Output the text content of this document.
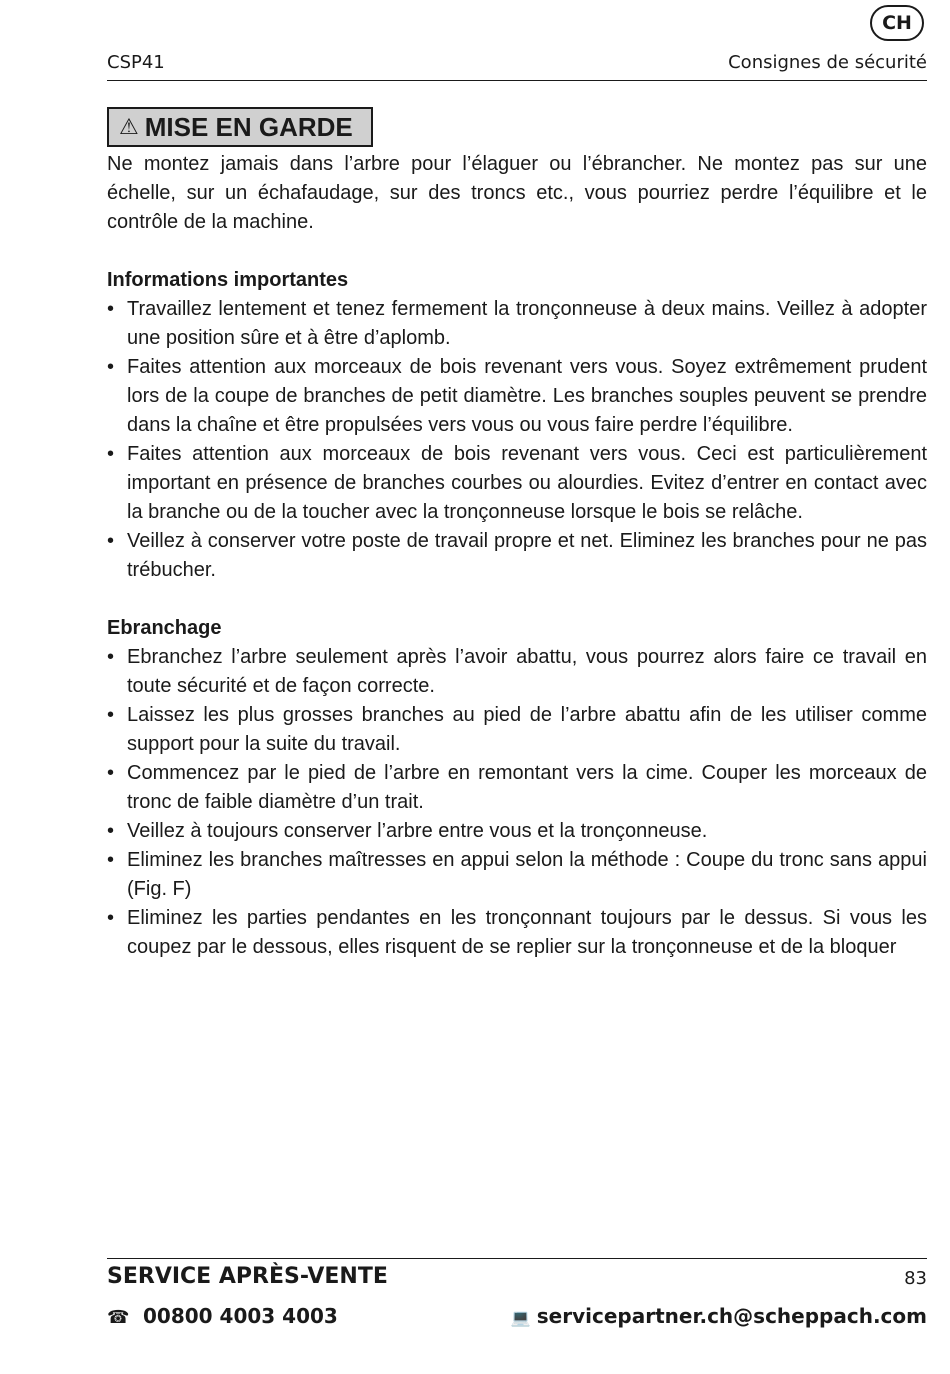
CH
CSP41	Consignes de sécurité
⚠ MISE EN GARDE

Ne montez jamais dans l’arbre pour l’élaguer ou l’ébrancher. Ne montez pas sur une échelle, sur un échafaudage, sur des troncs etc., vous pourriez perdre l’équilibre et le contrôle de la machine.

Informations importantes
• Travaillez lentement et tenez fermement la tronçonneuse à deux mains. Veillez à adopter une position sûre et à être d’aplomb.
• Faites attention aux morceaux de bois revenant vers vous. Soyez extrêmement prudent lors de la coupe de branches de petit diamètre. Les branches souples peuvent se prendre dans la chaîne et être propulsées vers vous ou vous faire perdre l’équilibre.
• Faites attention aux morceaux de bois revenant vers vous. Ceci est particulièrement important en présence de branches courbes ou alourdies. Evitez d’entrer en contact avec la branche ou de la toucher avec la tronçonneuse lorsque le bois se relâche.
• Veillez à conserver votre poste de travail propre et net. Eliminez les branches pour ne pas trébucher.
Ebranchage
• Ebranchez l’arbre seulement après l’avoir abattu, vous pourrez alors faire ce travail en toute sécurité et de façon correcte.
• Laissez les plus grosses branches au pied de l’arbre abattu afin de les utiliser comme support pour la suite du travail.
• Commencez par le pied de l’arbre en remontant vers la cime. Couper les morceaux de tronc de faible diamètre d’un trait.
• Veillez à toujours conserver l’arbre entre vous et la tronçonneuse.
• Eliminez les branches maîtresses en appui selon la méthode : Coupe du tronc sans appui (Fig. F)
• Eliminez les parties pendantes en les tronçonnant toujours par le dessus. Si vous les coupez par le dessous, elles risquent de se replier sur la tronçonneuse et de la bloquer
SERVICE APRÈS-VENTE	83
☎ 00800 4003 4003	💻 servicepartner.ch@scheppach.com
